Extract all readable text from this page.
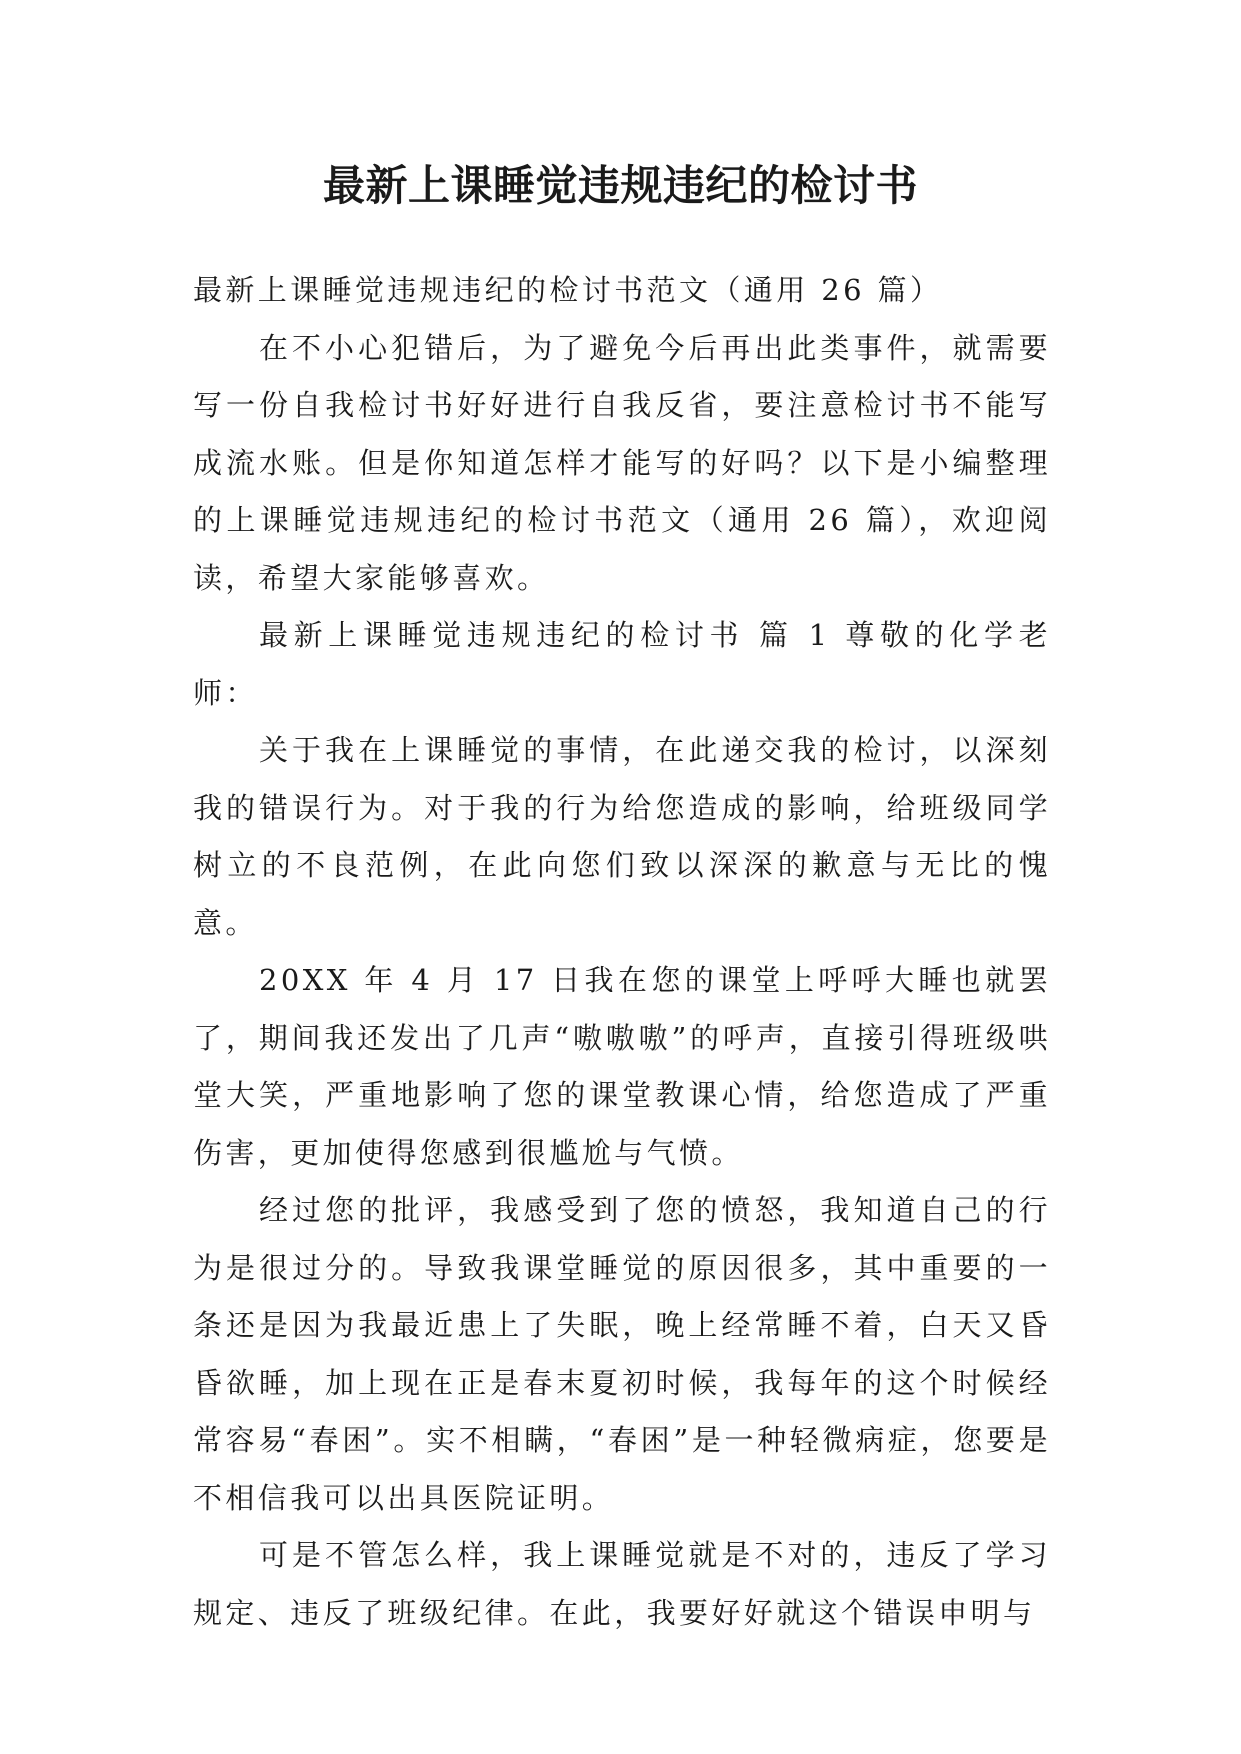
最新上课睡觉违规违纪的检讨书

最新上课睡觉违规违纪的检讨书范文（通用 26 篇）

在不小心犯错后，为了避免今后再出此类事件，就需要写一份自我检讨书好好进行自我反省，要注意检讨书不能写成流水账。但是你知道怎样才能写的好吗？以下是小编整理的上课睡觉违规违纪的检讨书范文（通用 26 篇），欢迎阅读，希望大家能够喜欢。

最新上课睡觉违规违纪的检讨书 篇 1 尊敬的化学老师：

关于我在上课睡觉的事情，在此递交我的检讨，以深刻我的错误行为。对于我的行为给您造成的影响，给班级同学树立的不良范例，在此向您们致以深深的歉意与无比的愧意。

20XX 年 4 月 17 日我在您的课堂上呼呼大睡也就罢了，期间我还发出了几声“嗷嗷嗷”的呼声，直接引得班级哄堂大笑，严重地影响了您的课堂教课心情，给您造成了严重伤害，更加使得您感到很尴尬与气愤。

经过您的批评，我感受到了您的愤怒，我知道自己的行为是很过分的。导致我课堂睡觉的原因很多，其中重要的一条还是因为我最近患上了失眠，晚上经常睡不着，白天又昏昏欲睡，加上现在正是春末夏初时候，我每年的这个时候经常容易“春困”。实不相瞒，“春困”是一种轻微病症，您要是不相信我可以出具医院证明。

可是不管怎么样，我上课睡觉就是不对的，违反了学习规定、违反了班级纪律。在此，我要好好就这个错误申明与
